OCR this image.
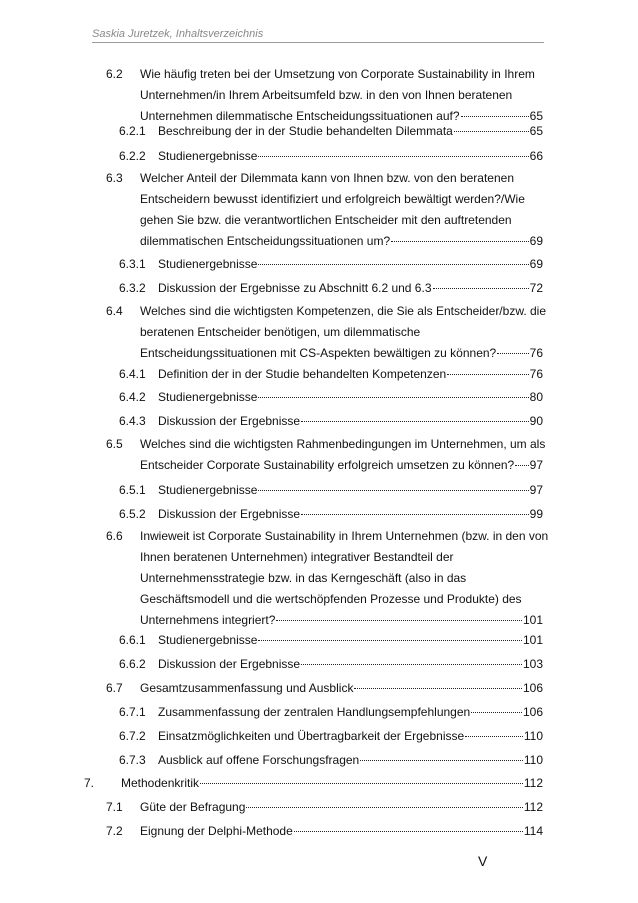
Saskia Juretzek, Inhaltsverzeichnis
6.2	Wie häufig treten bei der Umsetzung von Corporate Sustainability in Ihrem
Unternehmen/in Ihrem Arbeitsumfeld bzw. in den von Ihnen beratenen
Unternehmen dilemmatische Entscheidungssituationen auf?	65
6.2.1	Beschreibung der in der Studie behandelten Dilemmata	65
6.2.2	Studienergebnisse	66
6.3	Welcher Anteil der Dilemmata kann von Ihnen bzw. von den beratenen
Entscheidern bewusst identifiziert und erfolgreich bewältigt werden?/Wie
gehen Sie bzw. die verantwortlichen Entscheider mit den auftretenden
dilemmatischen Entscheidungssituationen um?	69
6.3.1	Studienergebnisse	69
6.3.2	Diskussion der Ergebnisse zu Abschnitt 6.2 und 6.3	72
6.4	Welches sind die wichtigsten Kompetenzen, die Sie als Entscheider/bzw. die
beratenen Entscheider benötigen, um dilemmatische
Entscheidungssituationen mit CS-Aspekten bewältigen zu können?	76
6.4.1	Definition der in der Studie behandelten Kompetenzen	76
6.4.2	Studienergebnisse	80
6.4.3	Diskussion der Ergebnisse	90
6.5	Welches sind die wichtigsten Rahmenbedingungen im Unternehmen, um als
Entscheider Corporate Sustainability erfolgreich umsetzen zu können? 97
6.5.1	Studienergebnisse	97
6.5.2	Diskussion der Ergebnisse	99
6.6	Inwieweit ist Corporate Sustainability in Ihrem Unternehmen (bzw. in den von
Ihnen beratenen Unternehmen) integrativer Bestandteil der
Unternehmensstrategie bzw. in das Kerngeschäft (also in das
Geschäftsmodell und die wertschöpfenden Prozesse und Produkte) des
Unternehmens integriert?	101
6.6.1	Studienergebnisse	101
6.6.2	Diskussion der Ergebnisse	103
6.7	Gesamtzusammenfassung und Ausblick	106
6.7.1	Zusammenfassung der zentralen Handlungsempfehlungen	106
6.7.2	Einsatzmöglichkeiten und Übertragbarkeit der Ergebnisse	110
6.7.3	Ausblick auf offene Forschungsfragen	110
7.	Methodenkritik	112
7.1	Güte der Befragung	112
7.2	Eignung der Delphi-Methode	114
V
